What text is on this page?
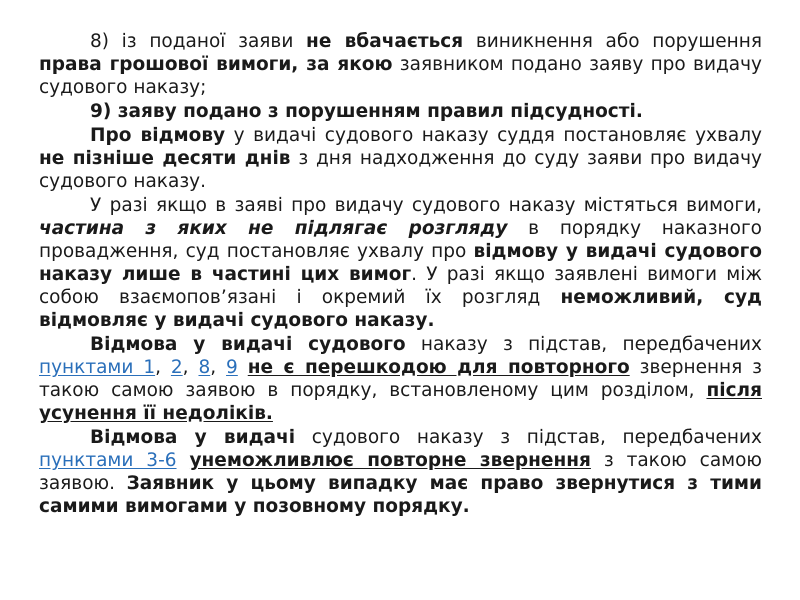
8) із поданої заяви не вбачається виникнення або порушення права грошової вимоги, за якою заявником подано заяву про видачу судового наказу;

9) заяву подано з порушенням правил підсудності.

Про відмову у видачі судового наказу суддя постановляє ухвалу не пізніше десяти днів з дня надходження до суду заяви про видачу судового наказу.

У разі якщо в заяві про видачу судового наказу містяться вимоги, частина з яких не підлягає розгляду в порядку наказного провадження, суд постановляє ухвалу про відмову у видачі судового наказу лише в частині цих вимог. У разі якщо заявлені вимоги між собою взаємопов’язані і окремий їх розгляд неможливий, суд відмовляє у видачі судового наказу.

Відмова у видачі судового наказу з підстав, передбачених пунктами 1, 2, 8, 9 не є перешкодою для повторного звернення з такою самою заявою в порядку, встановленому цим розділом, після усунення її недоліків.

Відмова у видачі судового наказу з підстав, передбачених пунктами 3-6 унеможливлює повторне звернення з такою самою заявою. Заявник у цьому випадку має право звернутися з тими самими вимогами у позовному порядку.
